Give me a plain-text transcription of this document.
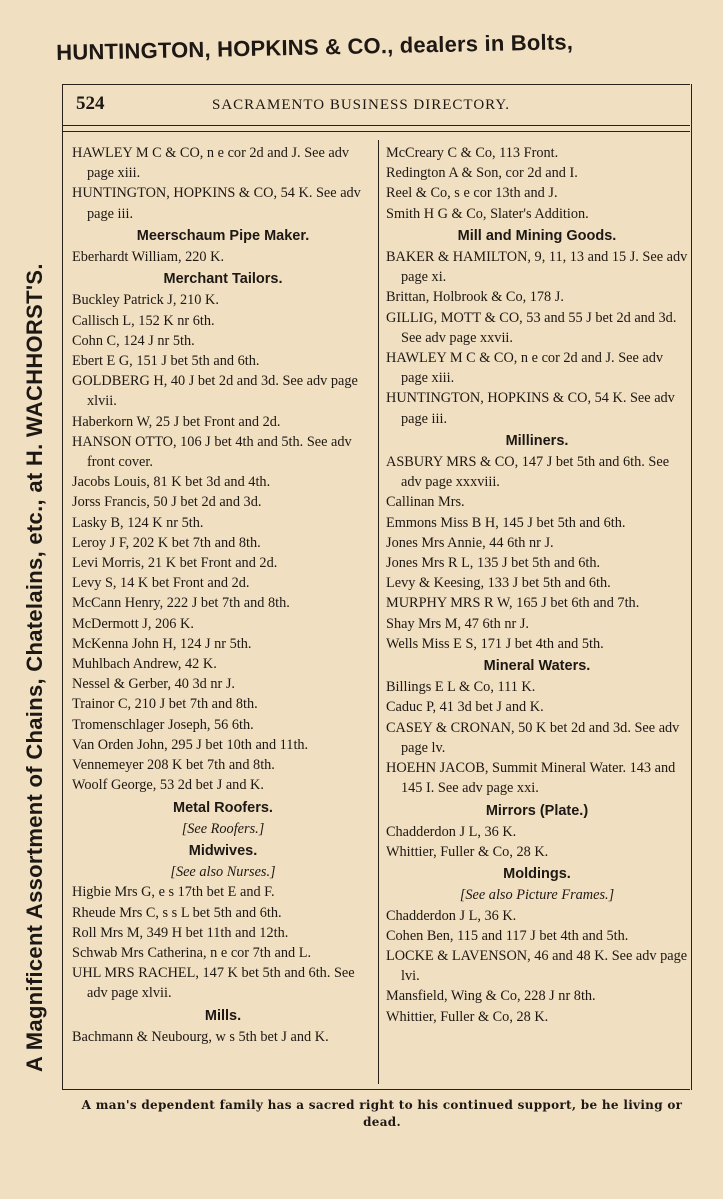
HUNTINGTON, HOPKINS & CO., dealers in Bolts,
A Magnificent Assortment of Chains, Chatelains, etc., at H. WACHHORST'S.
524	SACRAMENTO BUSINESS DIRECTORY.
HAWLEY M C & CO, n e cor 2d and J. See adv page xiii.
HUNTINGTON, HOPKINS & CO, 54 K. See adv page iii.
Meerschaum Pipe Maker.
Eberhardt William, 220 K.
Merchant Tailors.
Buckley Patrick J, 210 K.
Callisch L, 152 K nr 6th.
Cohn C, 124 J nr 5th.
Ebert E G, 151 J bet 5th and 6th.
GOLDBERG H, 40 J bet 2d and 3d. See adv page xlvii.
Haberkorn W, 25 J bet Front and 2d.
HANSON OTTO, 106 J bet 4th and 5th. See adv front cover.
Jacobs Louis, 81 K bet 3d and 4th.
Jorss Francis, 50 J bet 2d and 3d.
Lasky B, 124 K nr 5th.
Leroy J F, 202 K bet 7th and 8th.
Levi Morris, 21 K bet Front and 2d.
Levy S, 14 K bet Front and 2d.
McCann Henry, 222 J bet 7th and 8th.
McDermott J, 206 K.
McKenna John H, 124 J nr 5th.
Muhlbach Andrew, 42 K.
Nessel & Gerber, 40 3d nr J.
Trainor C, 210 J bet 7th and 8th.
Tromenschlager Joseph, 56 6th.
Van Orden John, 295 J bet 10th and 11th.
Vennemeyer 208 K bet 7th and 8th.
Woolf George, 53 2d bet J and K.
Metal Roofers.
[See Roofers.]
Midwives.
[See also Nurses.]
Higbie Mrs G, e s 17th bet E and F.
Rheude Mrs C, s s L bet 5th and 6th.
Roll Mrs M, 349 H bet 11th and 12th.
Schwab Mrs Catherina, n e cor 7th and L.
UHL MRS RACHEL, 147 K bet 5th and 6th. See adv page xlvii.
Mills.
Bachmann & Neubourg, w s 5th bet J and K.
McCreary C & Co, 113 Front.
Redington A & Son, cor 2d and I.
Reel & Co, s e cor 13th and J.
Smith H G & Co, Slater's Addition.
Mill and Mining Goods.
BAKER & HAMILTON, 9, 11, 13 and 15 J. See adv page xi.
Brittan, Holbrook & Co, 178 J.
GILLIG, MOTT & CO, 53 and 55 J bet 2d and 3d. See adv page xxvii.
HAWLEY M C & CO, n e cor 2d and J. See adv page xiii.
HUNTINGTON, HOPKINS & CO, 54 K. See adv page iii.
Milliners.
ASBURY MRS & CO, 147 J bet 5th and 6th. See adv page xxxviii.
Callinan Mrs.
Emmons Miss B H, 145 J bet 5th and 6th.
Jones Mrs Annie, 44 6th nr J.
Jones Mrs R L, 135 J bet 5th and 6th.
Levy & Keesing, 133 J bet 5th and 6th.
MURPHY MRS R W, 165 J bet 6th and 7th.
Shay Mrs M, 47 6th nr J.
Wells Miss E S, 171 J bet 4th and 5th.
Mineral Waters.
Billings E L & Co, 111 K.
Caduc P, 41 3d bet J and K.
CASEY & CRONAN, 50 K bet 2d and 3d. See adv page lv.
HOEHN JACOB, Summit Mineral Water. 143 and 145 I. See adv page xxi.
Mirrors (Plate.)
Chadderdon J L, 36 K.
Whittier, Fuller & Co, 28 K.
Moldings.
[See also Picture Frames.]
Chadderdon J L, 36 K.
Cohen Ben, 115 and 117 J bet 4th and 5th.
LOCKE & LAVENSON, 46 and 48 K. See adv page lvi.
Mansfield, Wing & Co, 228 J nr 8th.
Whittier, Fuller & Co, 28 K.
A man's dependent family has a sacred right to his continued support, be he living or dead.
